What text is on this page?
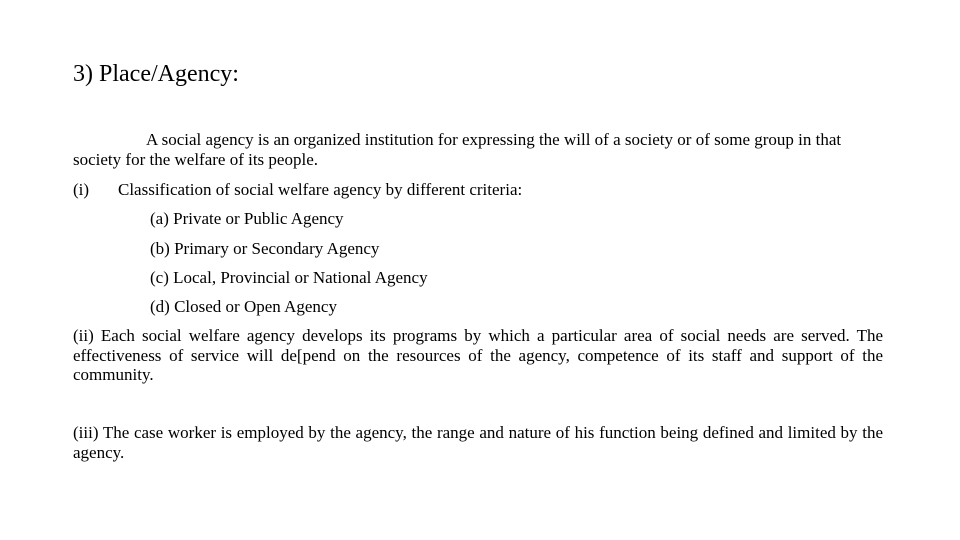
3) Place/Agency:
A social agency is an organized institution for expressing the will of a society or of some group in that society for the welfare of its people.
(i) Classification of social welfare agency by different criteria:
(a) Private or Public Agency
(b) Primary or Secondary Agency
(c) Local, Provincial or National Agency
(d) Closed or Open Agency
(ii) Each social welfare agency develops its programs by which a particular area of social needs are served. The effectiveness of service will de[pend on the resources of the agency, competence of its staff and support of the community.
(iii) The case worker is employed by the agency, the range and nature of his function being defined and limited by the agency.
